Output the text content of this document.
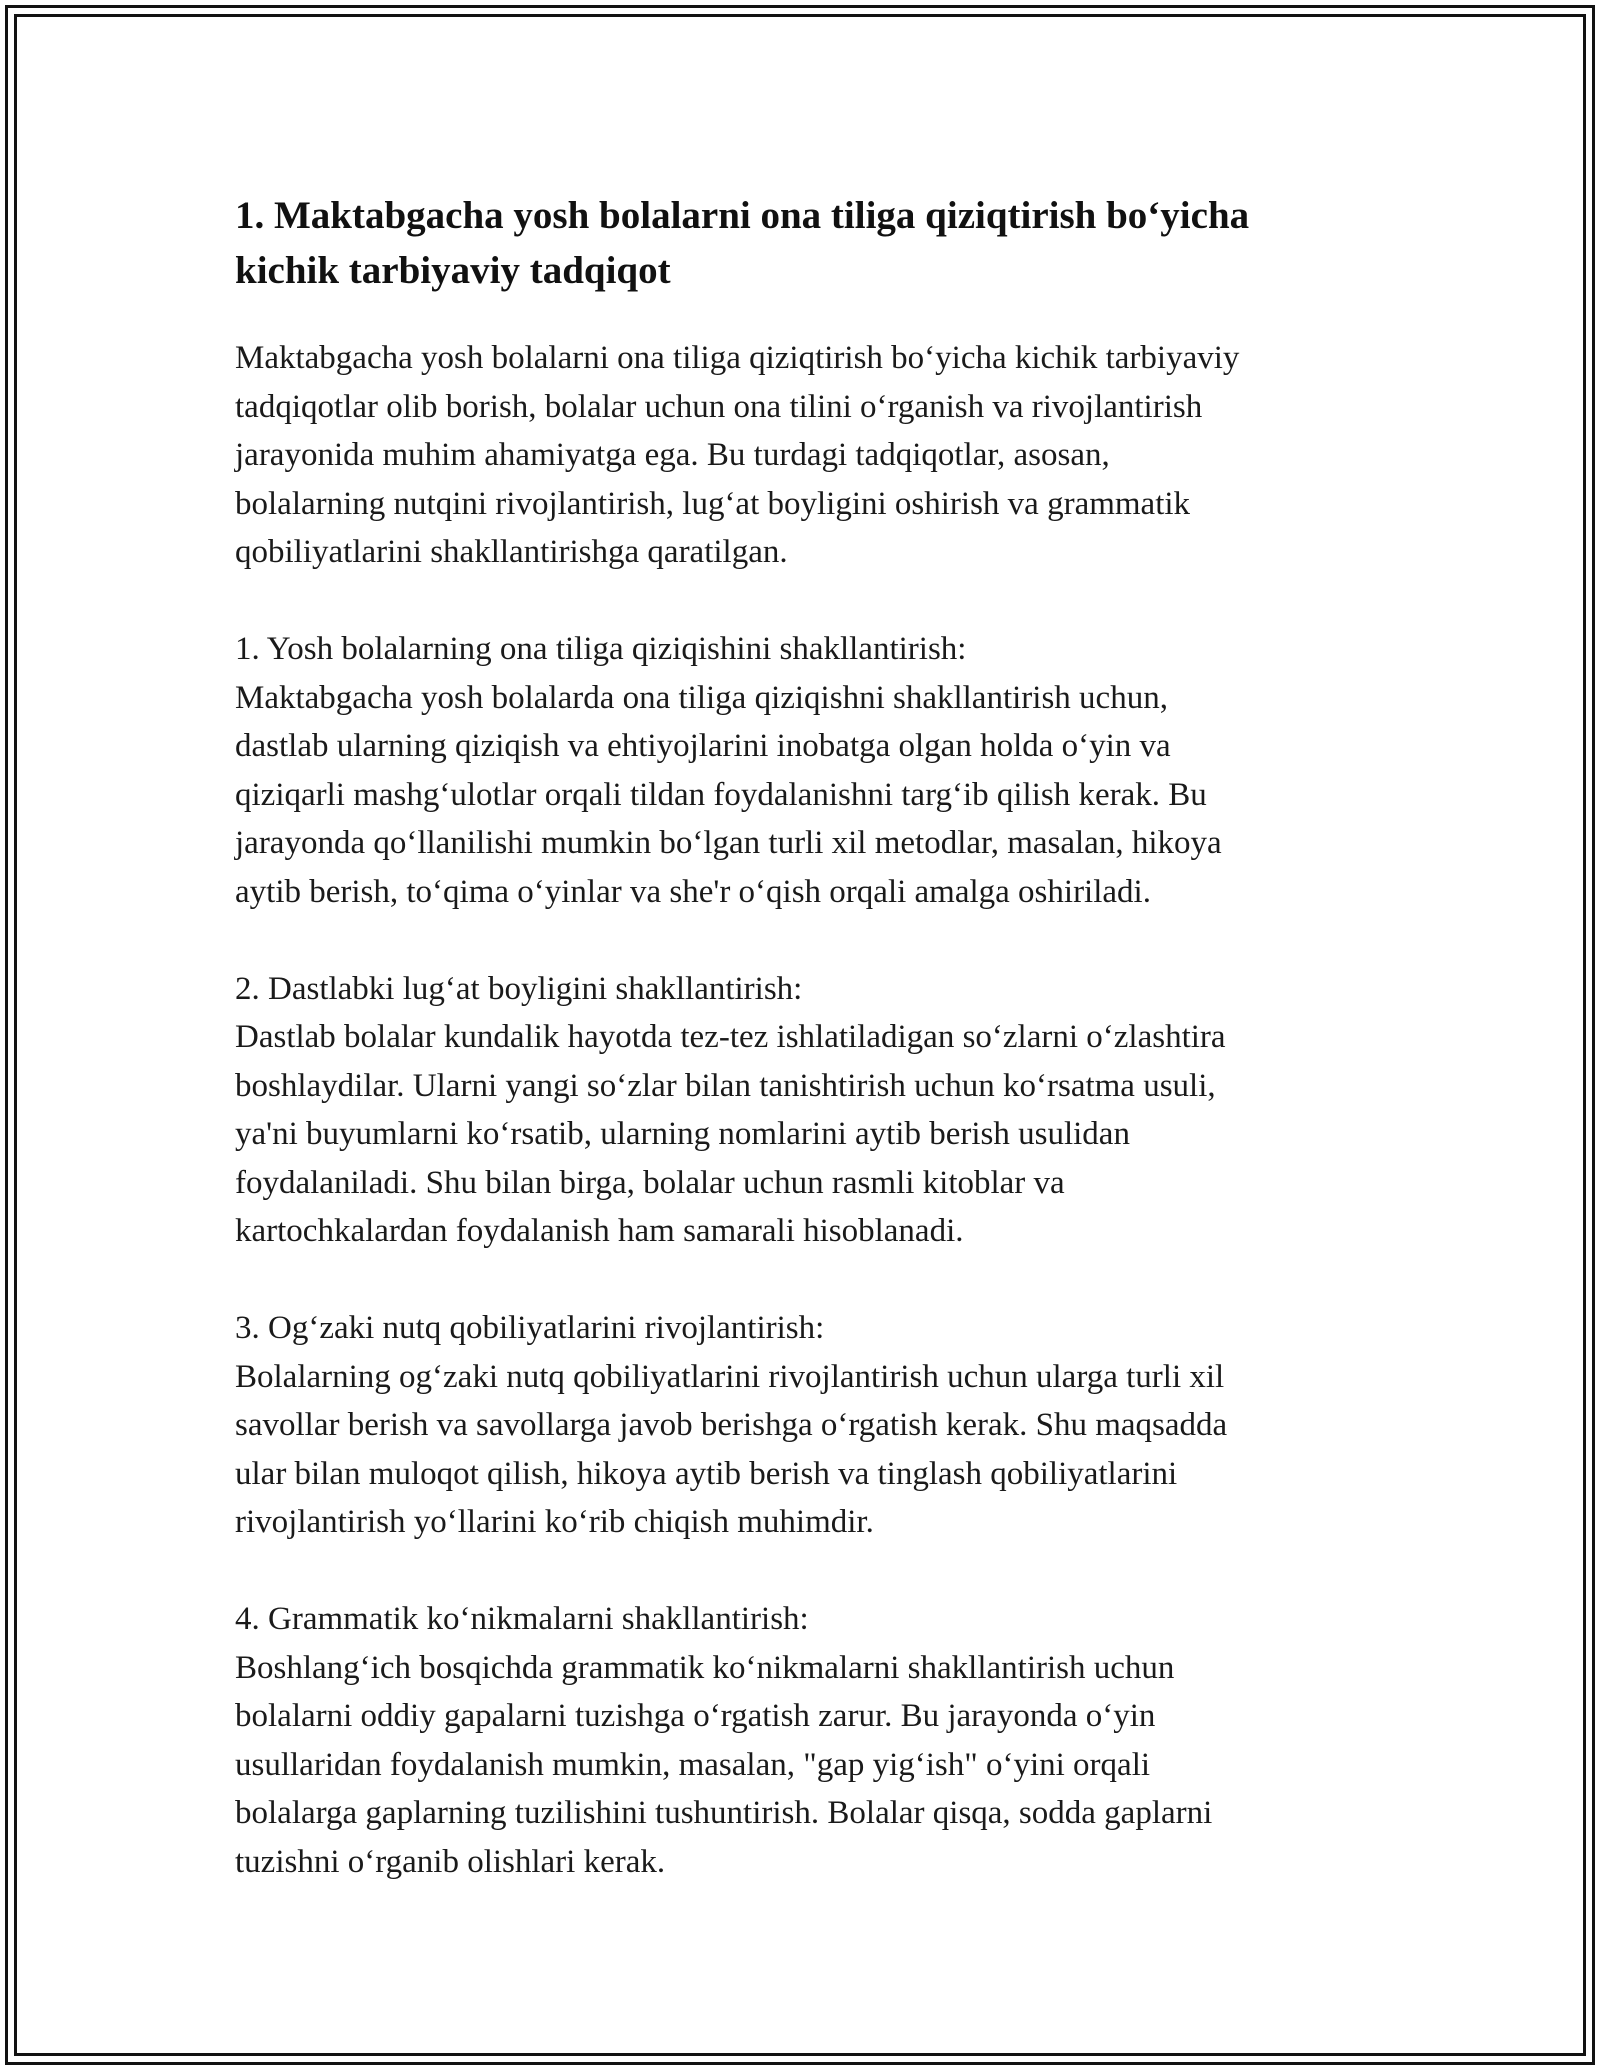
1. Maktabgacha yosh bolalarni ona tiliga qiziqtirish bo‘yicha
kichik tarbiyaviy tadqiqot

Maktabgacha yosh bolalarni ona tiliga qiziqtirish bo‘yicha kichik tarbiyaviy
tadqiqotlar olib borish, bolalar uchun ona tilini o‘rganish va rivojlantirish
jarayonida muhim ahamiyatga ega. Bu turdagi tadqiqotlar, asosan,
bolalarning nutqini rivojlantirish, lug‘at boyligini oshirish va grammatik
qobiliyatlarini shakllantirishga qaratilgan.

1. Yosh bolalarning ona tiliga qiziqishini shakllantirish:

Maktabgacha yosh bolalarda ona tiliga qiziqishni shakllantirish uchun,
dastlab ularning qiziqish va ehtiyojlarini inobatga olgan holda o‘yin va
qiziqarli mashg‘ulotlar orqali tildan foydalanishni targ‘ib qilish kerak. Bu
jarayonda qo‘llanilishi mumkin bo‘lgan turli xil metodlar, masalan, hikoya
aytib berish, to‘qima o‘yinlar va she'r o‘qish orqali amalga oshiriladi.

2. Dastlabki lug‘at boyligini shakllantirish:

Dastlab bolalar kundalik hayotda tez-tez ishlatiladigan so‘zlarni o‘zlashtira
boshlaydilar. Ularni yangi so‘zlar bilan tanishtirish uchun ko‘rsatma usuli,
ya'ni buyumlarni ko‘rsatib, ularning nomlarini aytib berish usulidan
foydalaniladi. Shu bilan birga, bolalar uchun rasmli kitoblar va
kartochkalardan foydalanish ham samarali hisoblanadi.

3. Og‘zaki nutq qobiliyatlarini rivojlantirish:

Bolalarning og‘zaki nutq qobiliyatlarini rivojlantirish uchun ularga turli xil
savollar berish va savollarga javob berishga o‘rgatish kerak. Shu maqsadda
ular bilan muloqot qilish, hikoya aytib berish va tinglash qobiliyatlarini
rivojlantirish yo‘llarini ko‘rib chiqish muhimdir.

4. Grammatik ko‘nikmalarni shakllantirish:

Boshlang‘ich bosqichda grammatik ko‘nikmalarni shakllantirish uchun
bolalarni oddiy gapalarni tuzishga o‘rgatish zarur. Bu jarayonda o‘yin
usullaridan foydalanish mumkin, masalan, "gap yig‘ish" o‘yini orqali
bolalarga gaplarning tuzilishini tushuntirish. Bolalar qisqa, sodda gaplarni
tuzishni o‘rganib olishlari kerak.
